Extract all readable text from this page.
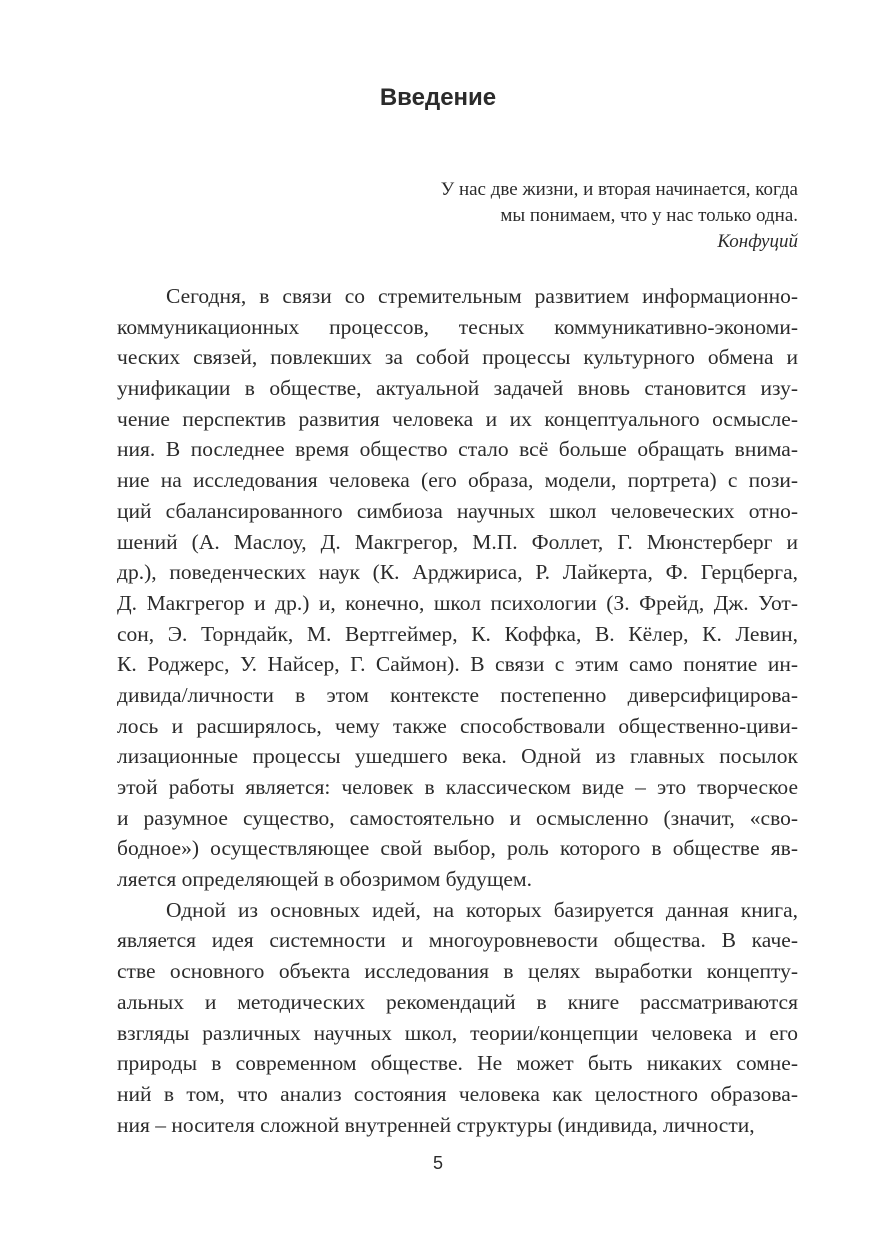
Введение
У нас две жизни, и вторая начинается, когда
мы понимаем, что у нас только одна.
Конфуций
Сегодня, в связи со стремительным развитием информационно-
коммуникационных процессов, тесных коммуникативно-экономи-
ческих связей, повлекших за собой процессы культурного обмена и
унификации в обществе, актуальной задачей вновь становится изу-
чение перспектив развития человека и их концептуального осмысле-
ния. В последнее время общество стало всё больше обращать внима-
ние на исследования человека (его образа, модели, портрета) с пози-
ций сбалансированного симбиоза научных школ человеческих отно-
шений (А. Маслоу, Д. Макгрегор, М.П. Фоллет, Г. Мюнстерберг и
др.), поведенческих наук (К. Арджириса, Р. Лайкерта, Ф. Герцберга,
Д. Макгрегор и др.) и, конечно, школ психологии (З. Фрейд, Дж. Уот-
сон, Э. Торндайк, М. Вертгеймер, К. Коффка, В. Кёлер, К. Левин,
К. Роджерс, У. Найсер, Г. Саймон). В связи с этим само понятие ин-
дивида/личности в этом контексте постепенно диверсифицирова-
лось и расширялось, чему также способствовали общественно-циви-
лизационные процессы ушедшего века. Одной из главных посылок
этой работы является: человек в классическом виде – это творческое
и разумное существо, самостоятельно и осмысленно (значит, «сво-
бодное») осуществляющее свой выбор, роль которого в обществе яв-
ляется определяющей в обозримом будущем.
Одной из основных идей, на которых базируется данная книга,
является идея системности и многоуровневости общества. В каче-
стве основного объекта исследования в целях выработки концепту-
альных и методических рекомендаций в книге рассматриваются
взгляды различных научных школ, теории/концепции человека и его
природы в современном обществе. Не может быть никаких сомне-
ний в том, что анализ состояния человека как целостного образова-
ния – носителя сложной внутренней структуры (индивида, личности,
5
